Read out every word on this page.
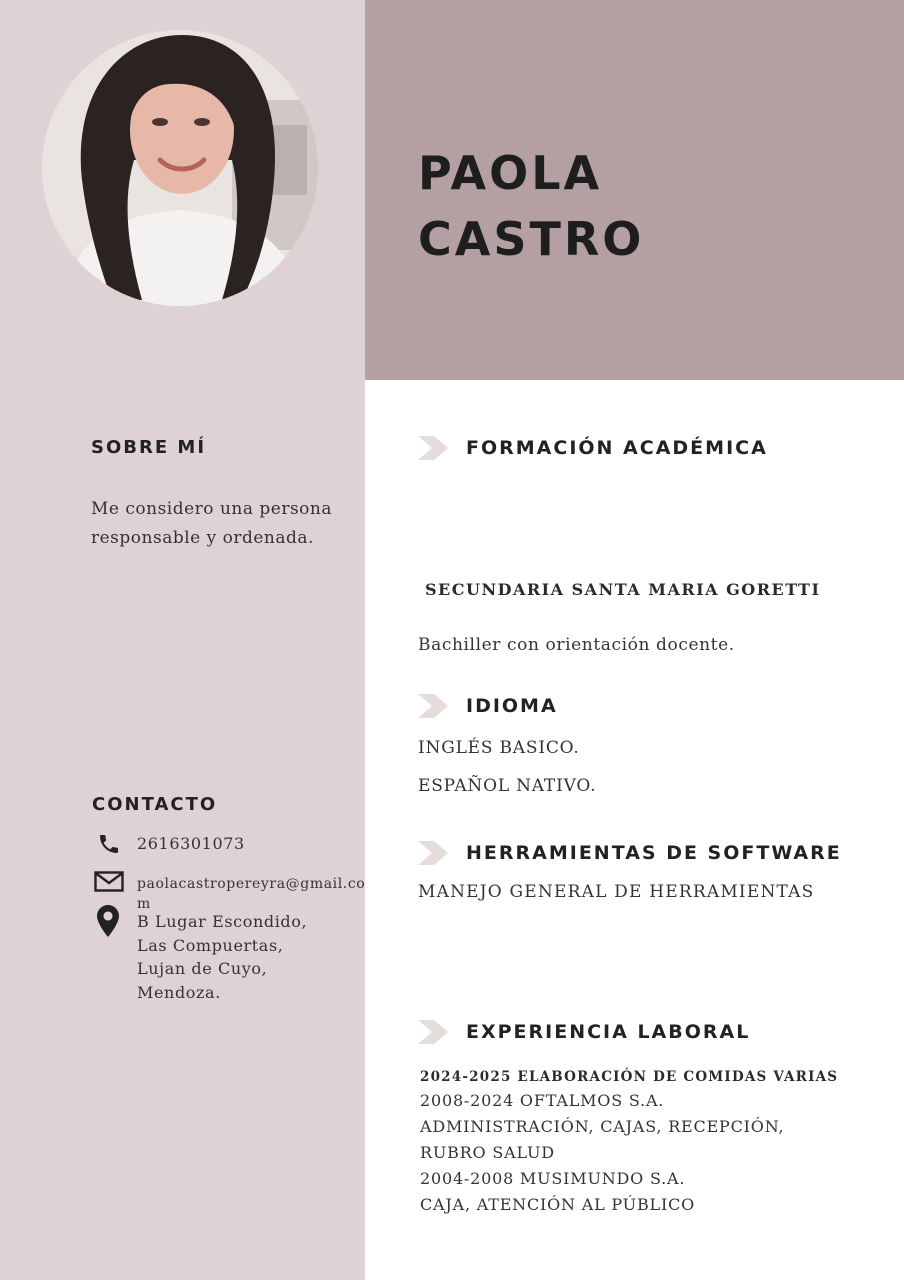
PAOLA
CASTRO
SOBRE MÍ
Me considero una persona responsable y ordenada.
CONTACTO
2616301073
paolacastropereyra@gmail.com
B Lugar Escondido,
Las Compuertas,
Lujan de Cuyo,
Mendoza.
FORMACIÓN ACADÉMICA
SECUNDARIA SANTA MARIA GORETTI
Bachiller con orientación docente.
IDIOMA
INGLÉS BASICO.
ESPAÑOL NATIVO.
HERRAMIENTAS DE SOFTWARE
MANEJO GENERAL DE HERRAMIENTAS
EXPERIENCIA LABORAL
2024-2025 ELABORACIÓN DE COMIDAS VARIAS
2008-2024 OFTALMOS S.A.
ADMINISTRACIÓN, CAJAS, RECEPCIÓN,
RUBRO SALUD
2004-2008 MUSIMUNDO S.A.
CAJA, ATENCIÓN AL PÚBLICO
